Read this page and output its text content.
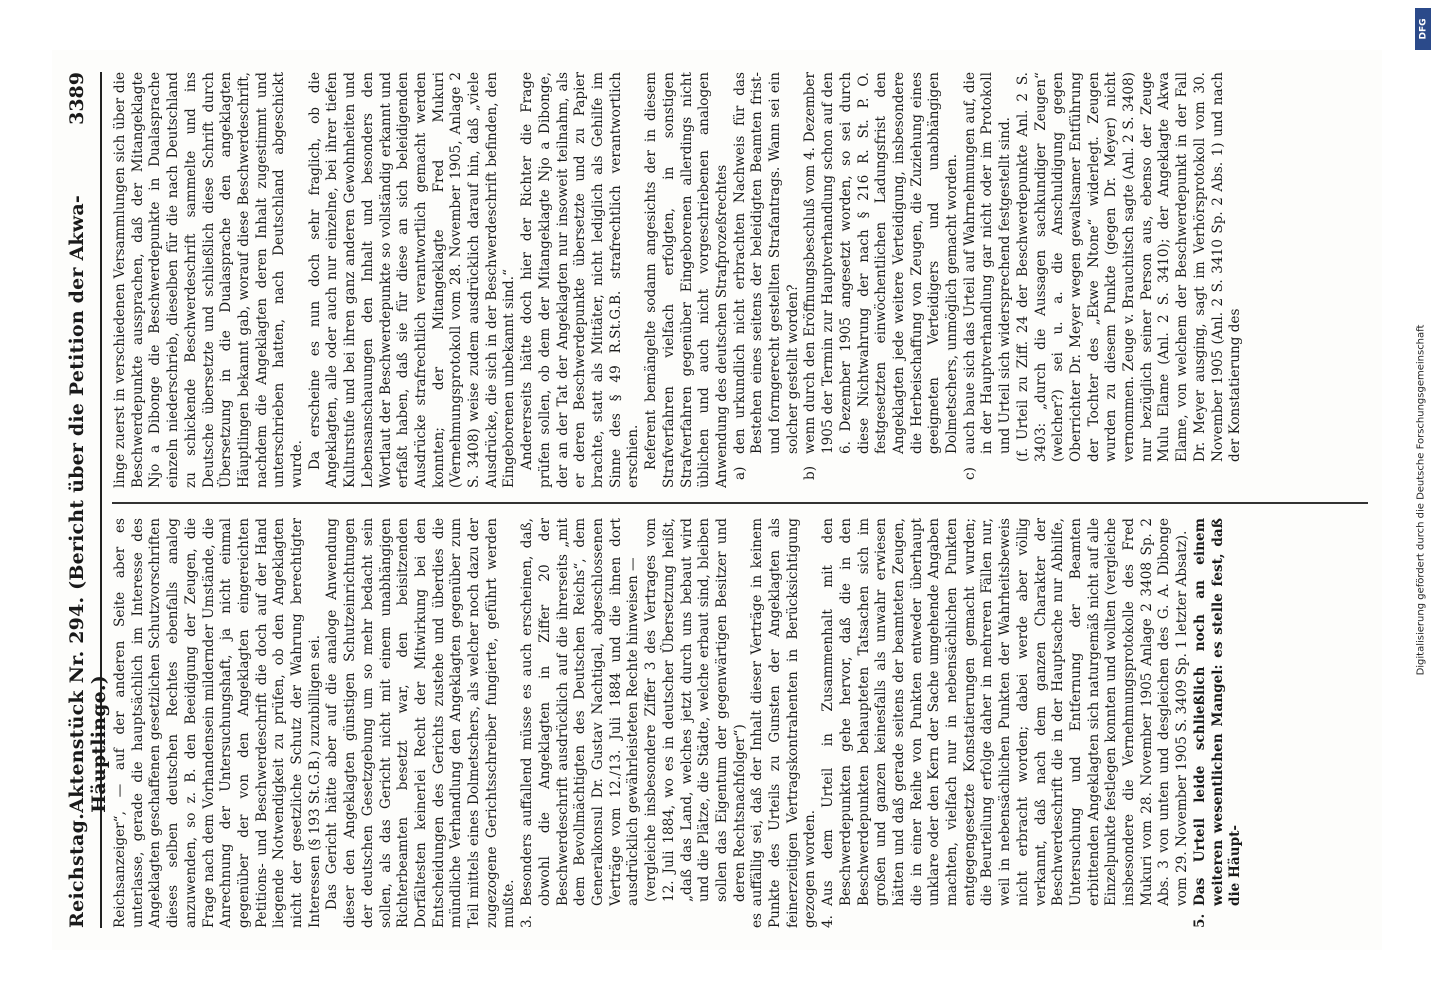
Reichstag.
Aktenstück Nr. 294. (Bericht über die Petition der Akwa-Häuptlinge.)
3389

Reichsanzeiger“, — auf der anderen Seite aber es unterlasse, gerade die hauptsächlich im Interesse des Angeklagten geschaffenen gesetzlichen Schutzvorschriften dieses selben deutschen Rechtes ebenfalls analog anzuwenden, so z. B. den Beeidigung der Zeugen, die Frage nach dem Vorhandensein mildernder Umstände, die Anrechnung der Untersuchungshaft, ja nicht einmal gegenüber der von den Angeklagten eingereichten Petitions- und Beschwerdeschrift die doch auf der Hand liegende Notwendigkeit zu prüfen, ob den Angeklagten nicht der gesetzliche Schutz der Wahrung berechtigter Interessen (§ 193 St.G.B.) zuzubilligen sei. Das Gericht hätte aber auf die analoge Anwendung dieser den Angeklagten günstigen Schutzeinrichtungen der deutschen Gesetzgebung um so mehr bedacht sein sollen, als das Gericht nicht mit einem unabhängigen Richterbeamten besetzt war, den beisitzenden Dorfältesten keinerlei Recht der Mitwirkung bei den Entscheidungen des Gerichts zustehe und überdies die mündliche Verhandlung den Angeklagten gegenüber zum Teil mittels eines Dolmetschers, als welcher noch dazu der zugezogene Gerichtsschreiber fungierte, geführt werden mußte. 3.
Besonders auffallend müsse es auch erscheinen, daß, obwohl die Angeklagten in Ziffer 20 der Beschwerdeschrift ausdrücklich auf die ihrerseits „mit dem Bevollmächtigten des Deutschen Reichs“, dem Generalkonsul Dr. Gustav Nachtigal, abgeschlossenen Verträge vom 12./13. Juli 1884 und die ihnen dort ausdrücklich gewährleisteten Rechte hinweisen — (vergleiche insbesondere Ziffer 3 des Vertrages vom 12. Juli 1884, wo es in deutscher Übersetzung heißt, „daß das Land, welches jetzt durch uns bebaut wird und die Plätze, die Städte, welche erbaut sind, bleiben sollen das Eigentum der gegenwärtigen Besitzer und deren Rechtsnachfolger“) es auffällig sei, daß der Inhalt dieser Verträge in keinem Punkte des Urteils zu Gunsten der Angeklagten als feinerzeitigen Vertragskontrahenten in Berücksichtigung gezogen worden. 4.
Aus dem Urteil in Zusammenhalt mit den Beschwerdepunkten gehe hervor, daß die in den Beschwerdepunkten behaupteten Tatsachen sich im großen und ganzen keinesfalls als unwahr erwiesen hätten und daß gerade seitens der beamteten Zeugen, die in einer Reihe von Punkten entweder überhaupt unklare oder den Kern der Sache umgehende Angaben machten, vielfach nur in nebensächlichen Punkten entgegengesetzte Konstatierungen gemacht wurden; die Beurteilung erfolge daher in mehreren Fällen nur, weil in nebensächlichen Punkten der Wahrheitsbeweis nicht erbracht worden; dabei werde aber völlig verkannt, daß nach dem ganzen Charakter der Beschwerdeschrift die in der Hauptsache nur Abhilfe, Untersuchung und Entfernung der Beamten erbittenden Angeklagten sich naturgemäß nicht auf alle Einzelpunkte festlegen konnten und wollten (vergleiche insbesondere die Vernehmungsprotokolle des Fred Mukuri vom 28. November 1905 Anlage 2 3408 Sp. 2 Abs. 3 von unten und desgleichen des G. A. Dibonge vom 29. November 1905 S. 3409 Sp. 1 letzter Absatz).
5.
Das Urteil leide schließlich noch an einem weiteren wesentlichen Mangel: es stelle fest, daß die Häupt-

linge zuerst in verschiedenen Versammlungen sich über die Beschwerdepunkte aussprachen, daß der Mitangeklagte Njo a Dibonge die Beschwerdepunkte in Dualasprache einzeln niederschrieb, dieselben für die nach Deutschland zu schickende Beschwerdeschrift sammelte und ins Deutsche übersetzte und schließlich diese Schrift durch Übersetzung in die Dualasprache den angeklagten Häuptlingen bekannt gab, worauf diese Beschwerdeschrift, nachdem die Angeklagten deren Inhalt zugestimmt und unterschrieben hatten, nach Deutschland abgeschickt wurde. Da erscheine es nun doch sehr fraglich, ob die Angeklagten, alle oder auch nur einzelne, bei ihrer tiefen Kulturstufe und bei ihren ganz anderen Gewohnheiten und Lebensanschauungen den Inhalt und besonders den Wortlaut der Beschwerdepunkte so vollständig erkannt und erfaßt haben, daß sie für diese an sich beleidigenden Ausdrücke strafrechtlich verantwortlich gemacht werden konnten; der Mitangeklagte Fred Mukuri (Vernehmungsprotokoll vom 28. November 1905, Anlage 2 S. 3408) weise zudem ausdrücklich darauf hin, daß „viele Ausdrücke, die sich in der Beschwerdeschrift befinden, den Eingeborenen unbekannt sind.“ Andererseits hätte doch hier der Richter die Frage prüfen sollen, ob dem der Mitangeklagte Njo a Dibonge, der an der Tat der Angeklagten nur insoweit teilnahm, als er deren Beschwerdepunkte übersetzte und zu Papier brachte, statt als Mittäter, nicht lediglich als Gehilfe im Sinne des § 49 R.St.G.B. strafrechtlich verantwortlich erschien. Referent bemängelte sodann angesichts der in diesem Strafverfahren vielfach erfolgten, in sonstigen Strafverfahren gegenüber Eingeborenen allerdings nicht üblichen und auch nicht vorgeschriebenen analogen Anwendung des deutschen Strafprozeßrechtes a)
den urkundlich nicht erbrachten Nachweis für das Bestehen eines seitens der beleidigten Beamten frist- und formgerecht gestellten Strafantrags. Wann sei ein solcher gestellt worden?
b)
wenn durch den Eröffnungsbeschluß vom 4. Dezember 1905 der Termin zur Hauptverhandlung schon auf den 6. Dezember 1905 angesetzt worden, so sei durch diese Nichtwahrung der nach § 216 R. St. P. O. festgesetzten einwöchentlichen Ladungsfrist den Angeklagten jede weitere Verteidigung, insbesondere die Herbeischaffung von Zeugen, die Zuziehung eines geeigneten Verteidigers und unabhängigen Dolmetschers, unmöglich gemacht worden.
c)
auch baue sich das Urteil auf Wahrnehmungen auf, die in der Hauptverhandlung gar nicht oder im Protokoll und Urteil sich widersprechend festgestellt sind. (f. Urteil zu Ziff. 24 der Beschwerdepunkte Anl. 2 S. 3403: „durch die Aussagen sachkundiger Zeugen“ (welcher?) sei u. a. die Anschuldigung gegen Oberrichter Dr. Meyer wegen gewaltsamer Entführung der Tochter des „Ekwe Ntone“ widerlegt. Zeugen wurden zu diesem Punkte (gegen Dr. Meyer) nicht vernommen. Zeuge v. Brauchitsch sagte (Anl. 2 S. 3408) nur bezüglich seiner Person aus, ebenso der Zeuge Mulu Elame (Anl. 2 S. 3410); der Angeklagte Akwa Elame, von welchem der Beschwerdepunkt in der Fall Dr. Meyer ausging, sagt im Verhörsprotokoll vom 30. November 1905 (Anl. 2 S. 3410 Sp. 2 Abs. 1) und nach der Konstatierung des

DFG
Digitalisierung gefördert durch die Deutsche Forschungsgemeinschaft
